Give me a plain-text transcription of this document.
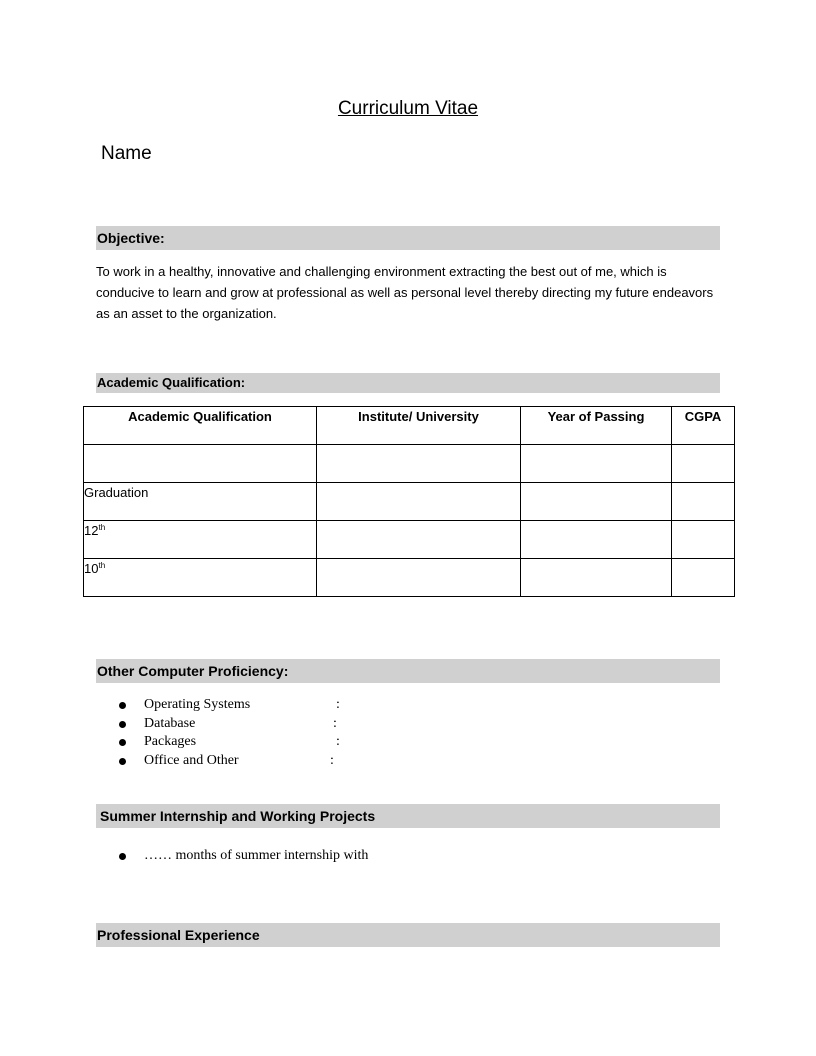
Curriculum Vitae
Name
Objective:
To work in a healthy, innovative and challenging environment extracting the best out of me, which is conducive to learn and grow at professional as well as personal level thereby directing my future endeavors as an asset to the organization.
Academic Qualification:
Academic Qualification	Institute/ University	Year of Passing	CGPA

Graduation			
12th			
10th			
Other Computer Proficiency:
Operating Systems	:
Database	:
Packages	:
Office and Other	:
Summer Internship and Working Projects
…… months of summer internship with
Professional Experience
